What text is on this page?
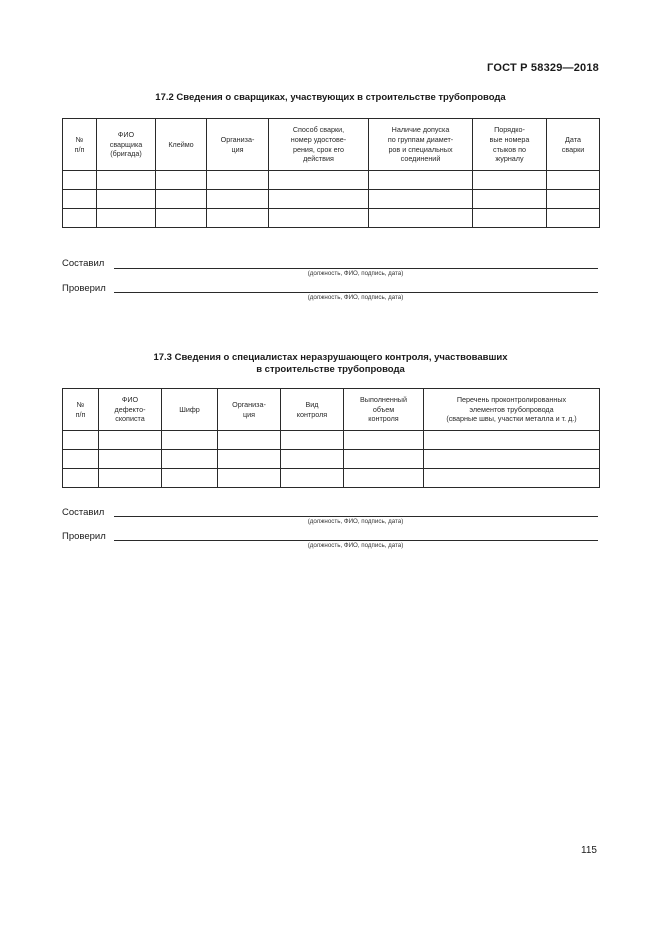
ГОСТ Р 58329—2018
17.2 Сведения о сварщиках, участвующих в строительстве трубопровода
№
п/п	ФИО
сварщика
(бригада)	Клеймо	Организа-
ция	Способ сварки,
номер удостове-
рения, срок его
действия	Наличие допуска
по группам диамет-
ров и специальных
соединений	Порядко-
вые номера
стыков по
журналу	Дата
сварки

Составил
(должность, ФИО, подпись, дата)
Проверил
(должность, ФИО, подпись, дата)
17.3 Сведения о специалистах неразрушающего контроля, участвовавших
в строительстве трубопровода
№
п/п	ФИО
дефекто-
скописта	Шифр	Организа-
ция	Вид
контроля	Выполненный
объем
контроля	Перечень проконтролированных
элементов трубопровода
(сварные швы, участки металла и т. д.)

Составил
(должность, ФИО, подпись, дата)
Проверил
(должность, ФИО, подпись, дата)
115
